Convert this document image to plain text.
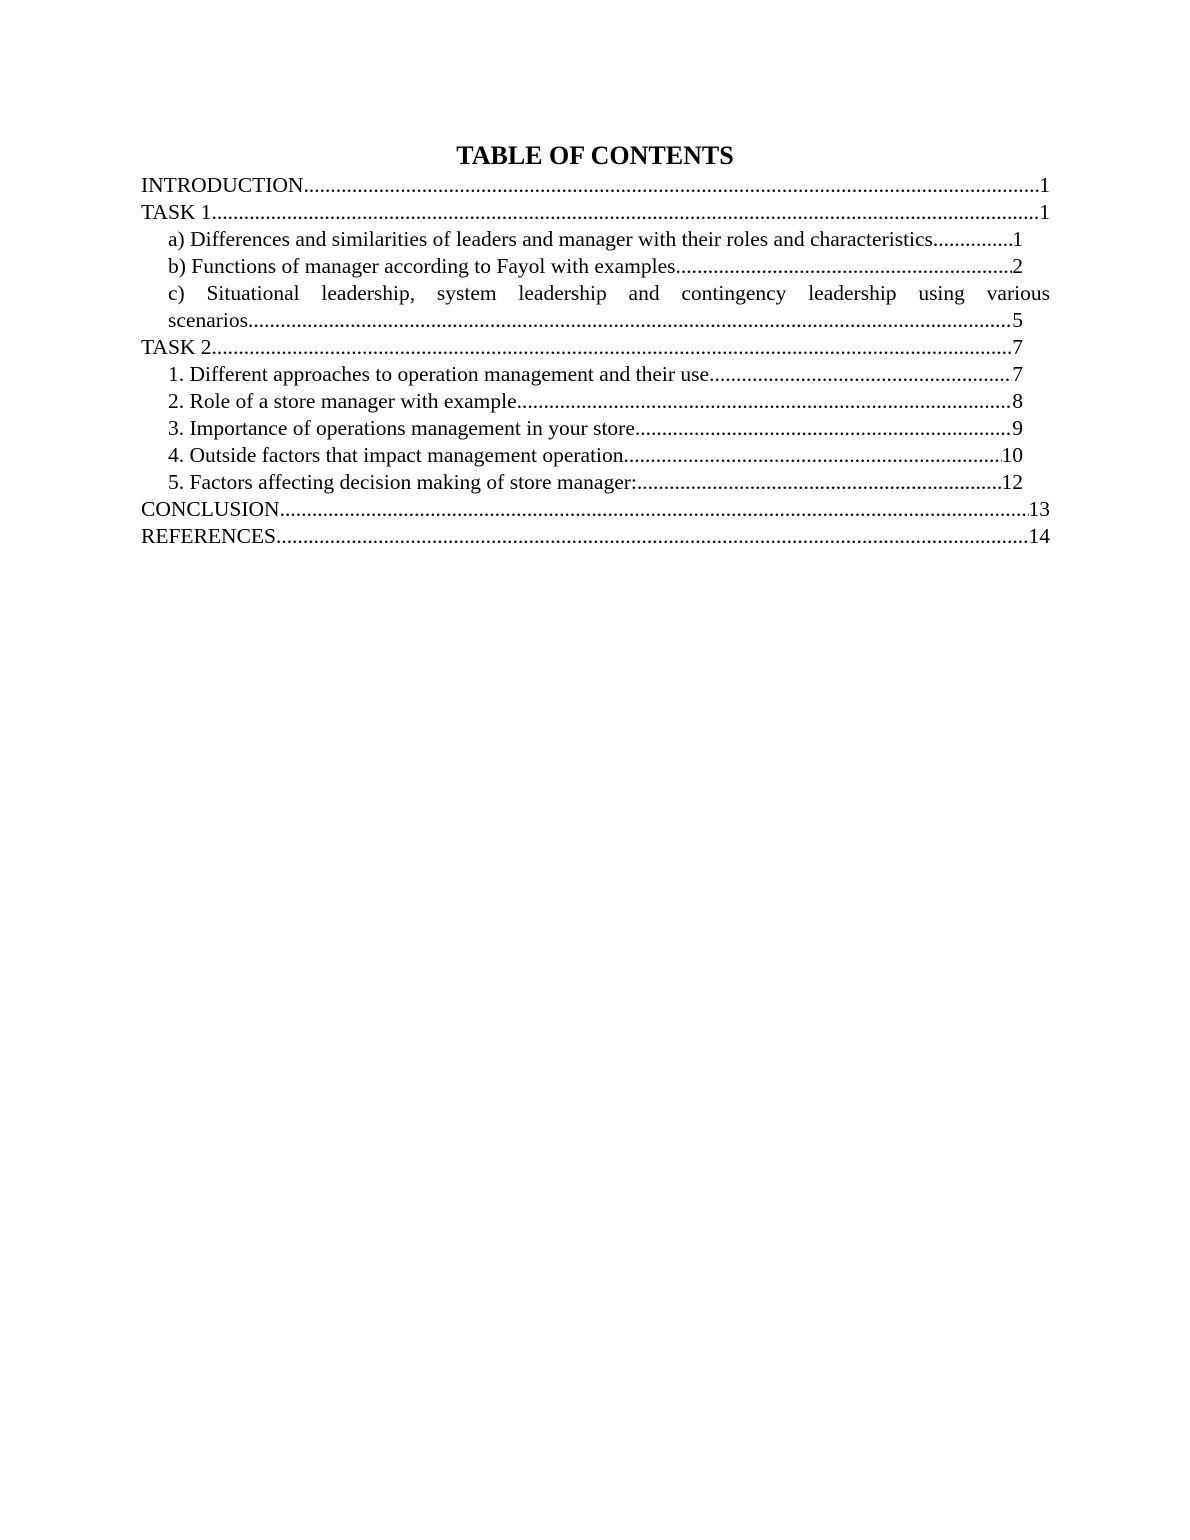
TABLE OF CONTENTS
INTRODUCTION .....	1
TASK 1 .....	1
a) Differences and similarities of leaders and manager with their roles and characteristics .....	1
b) Functions of manager according to Fayol with examples .....	2
c) Situational leadership, system leadership and contingency leadership using various
scenarios .....	5
TASK 2 .....	7
1. Different approaches to operation management and their use .....	7
2. Role of a store manager with example .....	8
3. Importance of operations management in your store .....	9
4. Outside factors that impact management operation .....	10
5. Factors affecting decision making of store manager: .....	12
CONCLUSION .....	13
REFERENCES .....	14
